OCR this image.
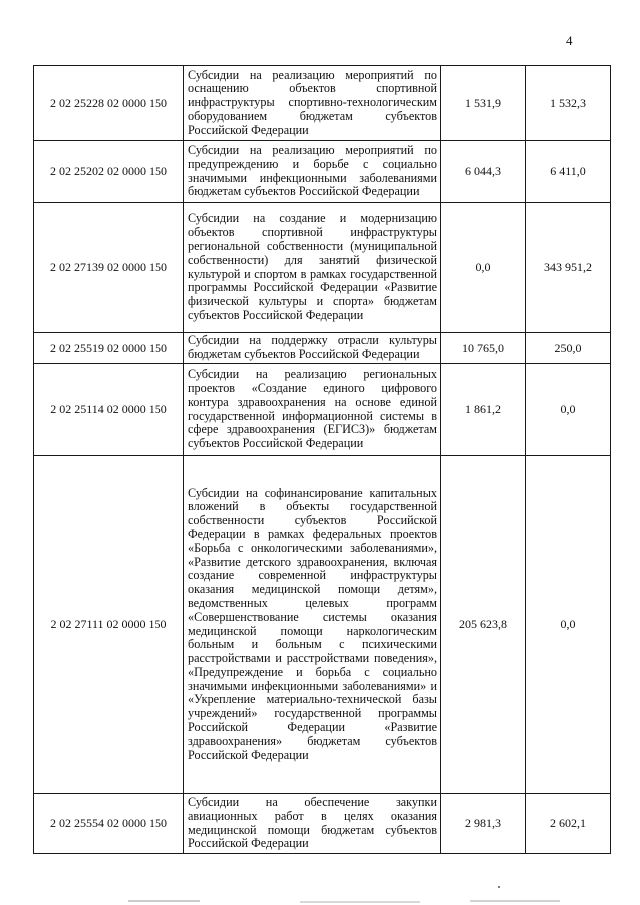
4
2 02 25228 02 0000 150	Субсидии на реализацию мероприятий по оснащению объектов спортивной инфраструктуры спортивно-технологическим оборудованием бюджетам субъектов Российской Федерации	1 531,9	1 532,3
2 02 25202 02 0000 150	Субсидии на реализацию мероприятий по предупреждению и борьбе с социально значимыми инфекционными заболеваниями бюджетам субъектов Российской Федерации	6 044,3	6 411,0
2 02 27139 02 0000 150	Субсидии на создание и модернизацию объектов спортивной инфраструктуры региональной собственности (муниципальной собственности) для занятий физической культурой и спортом в рамках государственной программы Российской Федерации «Развитие физической культуры и спорта» бюджетам субъектов Российской Федерации	0,0	343 951,2
2 02 25519 02 0000 150	Субсидии на поддержку отрасли культуры бюджетам субъектов Российской Федерации	10 765,0	250,0
2 02 25114 02 0000 150	Субсидии на реализацию региональных проектов «Создание единого цифрового контура здравоохранения на основе единой государственной информационной системы в сфере здравоохранения (ЕГИСЗ)» бюджетам субъектов Российской Федерации	1 861,2	0,0
2 02 27111 02 0000 150	Субсидии на софинансирование капитальных вложений в объекты государственной собственности субъектов Российской Федерации в рамках федеральных проектов «Борьба с онкологическими заболеваниями», «Развитие детского здравоохранения, включая создание современной инфраструктуры оказания медицинской помощи детям», ведомственных целевых программ «Совершенствование системы оказания медицинской помощи наркологическим больным и больным с психическими расстройствами и расстройствами поведения», «Предупреждение и борьба с социально значимыми инфекционными заболеваниями» и «Укрепление материально-технической базы учреждений» государственной программы Российской Федерации «Развитие здравоохранения» бюджетам субъектов Российской Федерации	205 623,8	0,0
2 02 25554 02 0000 150	Субсидии на обеспечение закупки авиационных работ в целях оказания медицинской помощи бюджетам субъектов Российской Федерации	2 981,3	2 602,1
